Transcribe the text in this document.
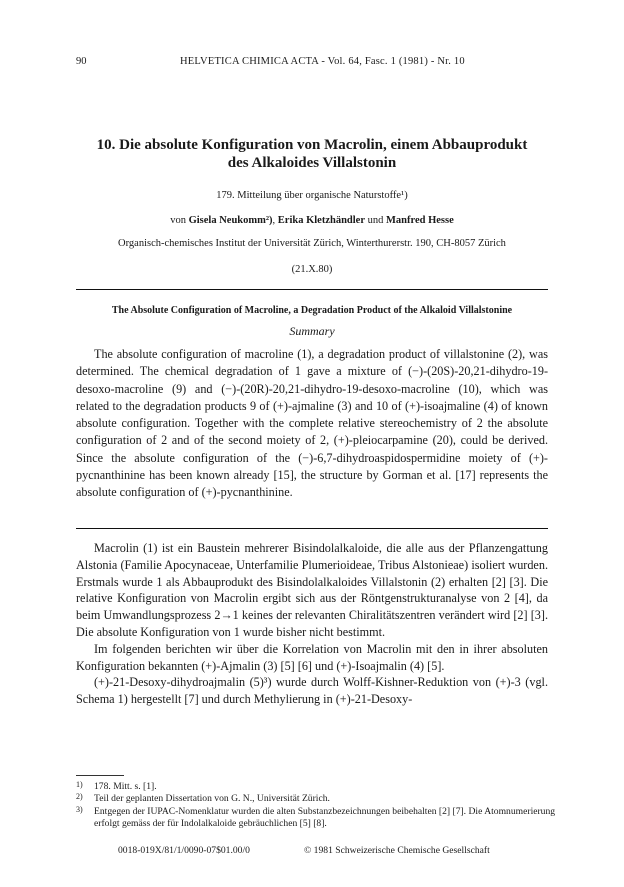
90	HELVETICA CHIMICA ACTA - Vol. 64, Fasc. 1 (1981) - Nr. 10
10. Die absolute Konfiguration von Macrolin, einem Abbauprodukt
des Alkaloides Villalstonin
179. Mitteilung über organische Naturstoffe¹)
von Gisela Neukomm²), Erika Kletzhändler und Manfred Hesse
Organisch-chemisches Institut der Universität Zürich, Winterthurerstr. 190, CH-8057 Zürich
(21.X.80)
The Absolute Configuration of Macroline, a Degradation Product of the Alkaloid Villalstonine
Summary

The absolute configuration of macroline (1), a degradation product of villalstonine (2), was determined. The chemical degradation of 1 gave a mixture of (−)-(20S)-20,21-dihydro-19-desoxo-macroline (9) and (−)-(20R)-20,21-dihydro-19-desoxo-macroline (10), which was related to the degradation products 9 of (+)-ajmaline (3) and 10 of (+)-isoajmaline (4) of known absolute configuration. Together with the complete relative stereochemistry of 2 the absolute configuration of 2 and of the second moiety of 2, (+)-pleiocarpamine (20), could be derived. Since the absolute configuration of the (−)-6,7-dihydroaspidospermidine moiety of (+)-pycnanthinine has been known already [15], the structure by Gorman et al. [17] represents the absolute configuration of (+)-pycnanthinine.

Macrolin (1) ist ein Baustein mehrerer Bisindolalkaloide, die alle aus der Pflanzengattung Alstonia (Familie Apocynaceae, Unterfamilie Plumerioideae, Tribus Alstonieae) isoliert wurden. Erstmals wurde 1 als Abbauprodukt des Bisindolalkaloides Villalstonin (2) erhalten [2] [3]. Die relative Konfiguration von Macrolin ergibt sich aus der Röntgenstrukturanalyse von 2 [4], da beim Umwandlungsprozess 2→1 keines der relevanten Chiralitätszentren verändert wird [2] [3]. Die absolute Konfiguration von 1 wurde bisher nicht bestimmt.

Im folgenden berichten wir über die Korrelation von Macrolin mit den in ihrer absoluten Konfiguration bekannten (+)-Ajmalin (3) [5] [6] und (+)-Isoajmalin (4) [5].

(+)-21-Desoxy-dihydroajmalin (5)³) wurde durch Wolff-Kishner-Reduktion von (+)-3 (vgl. Schema 1) hergestellt [7] und durch Methylierung in (+)-21-Desoxy-

1) 178. Mitt. s. [1].
2) Teil der geplanten Dissertation von G. N., Universität Zürich.
3) Entgegen der IUPAC-Nomenklatur wurden die alten Substanzbezeichnungen beibehalten [2] [7]. Die Atomnumerierung erfolgt gemäss der für Indolalkaloide gebräuchlichen [5] [8].
0018-019X/81/1/0090-07$01.00/0	© 1981 Schweizerische Chemische Gesellschaft
